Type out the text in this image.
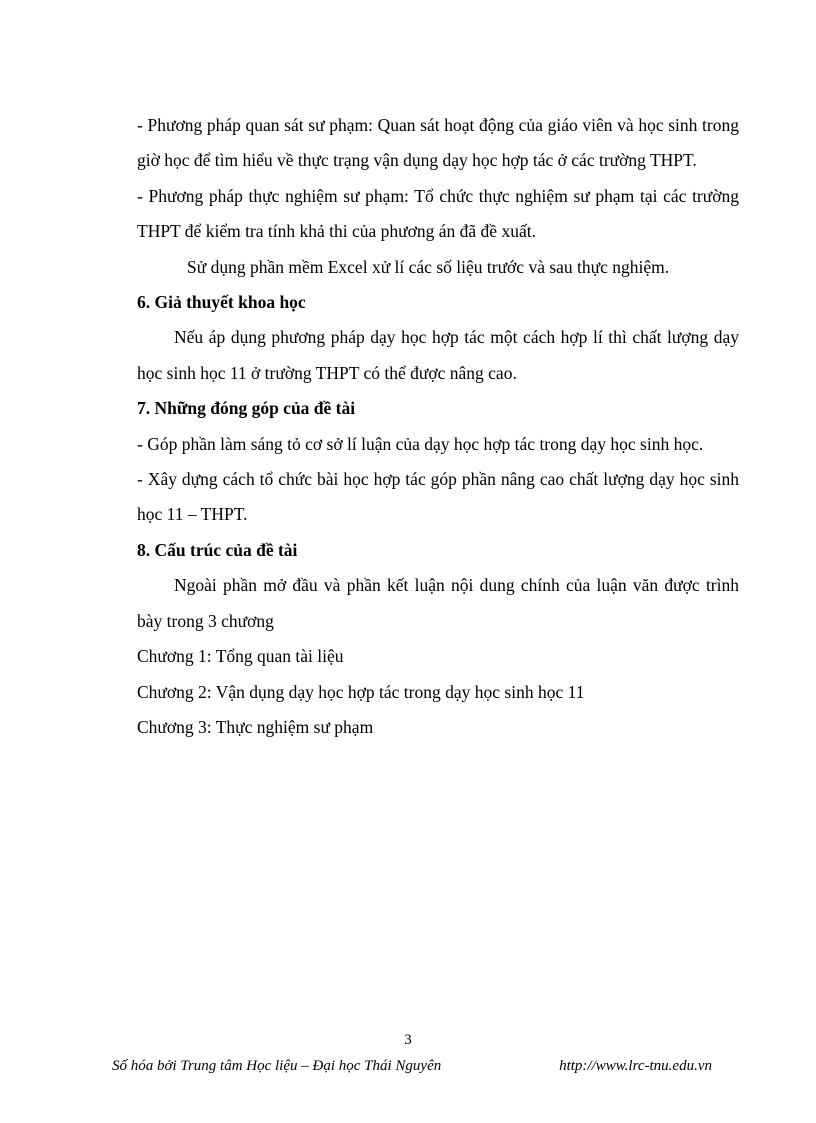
- Phương pháp quan sát sư phạm: Quan sát hoạt động của giáo viên và học sinh trong giờ học để tìm hiểu về thực trạng vận dụng dạy học hợp tác ở các trường THPT.

- Phương pháp thực nghiệm sư phạm: Tổ chức thực nghiệm sư phạm tại các trường THPT để kiểm tra tính khả thi của phương án đã đề xuất.

Sử dụng phần mềm Excel xử lí các số liệu trước và sau thực nghiệm.

6. Giả thuyết khoa học

Nếu áp dụng phương pháp dạy học hợp tác một cách hợp lí thì chất lượng dạy học sinh học 11 ở trường THPT có thể được nâng cao.

7. Những đóng góp của đề tài

- Góp phần làm sáng tỏ cơ sở lí luận của dạy học hợp tác trong dạy học sinh học.

- Xây dựng cách tổ chức bài học hợp tác góp phần nâng cao chất lượng dạy học sinh học 11 – THPT.

8. Cấu trúc của đề tài

Ngoài phần mở đầu và phần kết luận nội dung chính của luận văn được trình bày trong 3 chương

Chương 1: Tổng quan tài liệu

Chương 2: Vận dụng dạy học hợp tác trong dạy học sinh học 11

Chương 3: Thực nghiệm sư phạm

3
Số hóa bởi Trung tâm Học liệu – Đại học Thái Nguyên	http://www.lrc-tnu.edu.vn
